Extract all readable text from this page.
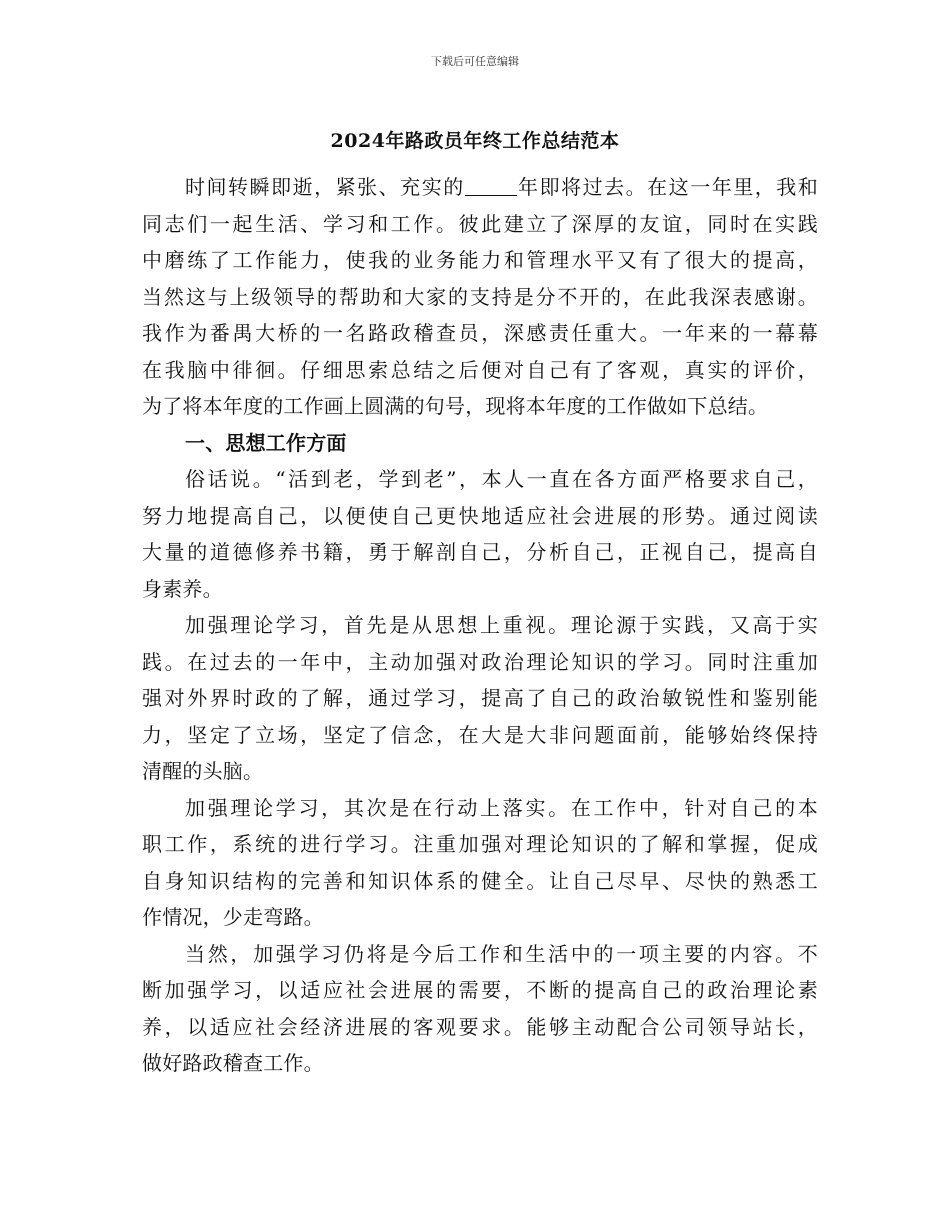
下载后可任意编辑
2024年路政员年终工作总结范本
时间转瞬即逝，紧张、充实的	年即将过去。在这一年里，我和
同志们一起生活、学习和工作。彼此建立了深厚的友谊，同时在实践
中磨练了工作能力，使我的业务能力和管理水平又有了很大的提高，
当然这与上级领导的帮助和大家的支持是分不开的，在此我深表感谢。
我作为番禺大桥的一名路政稽查员，深感责任重大。一年来的一幕幕
在我脑中徘徊。仔细思索总结之后便对自己有了客观，真实的评价，
为了将本年度的工作画上圆满的句号，现将本年度的工作做如下总结。
一、思想工作方面
俗话说。“活到老，学到老”，本人一直在各方面严格要求自己，
努力地提高自己，以便使自己更快地适应社会进展的形势。通过阅读
大量的道德修养书籍，勇于解剖自己，分析自己，正视自己，提高自
身素养。
加强理论学习，首先是从思想上重视。理论源于实践，又高于实
践。在过去的一年中，主动加强对政治理论知识的学习。同时注重加
强对外界时政的了解，通过学习，提高了自己的政治敏锐性和鉴别能
力，坚定了立场，坚定了信念，在大是大非问题面前，能够始终保持
清醒的头脑。
加强理论学习，其次是在行动上落实。在工作中，针对自己的本
职工作，系统的进行学习。注重加强对理论知识的了解和掌握，促成
自身知识结构的完善和知识体系的健全。让自己尽早、尽快的熟悉工
作情况，少走弯路。
当然，加强学习仍将是今后工作和生活中的一项主要的内容。不
断加强学习，以适应社会进展的需要，不断的提高自己的政治理论素
养，以适应社会经济进展的客观要求。能够主动配合公司领导站长，
做好路政稽查工作。
